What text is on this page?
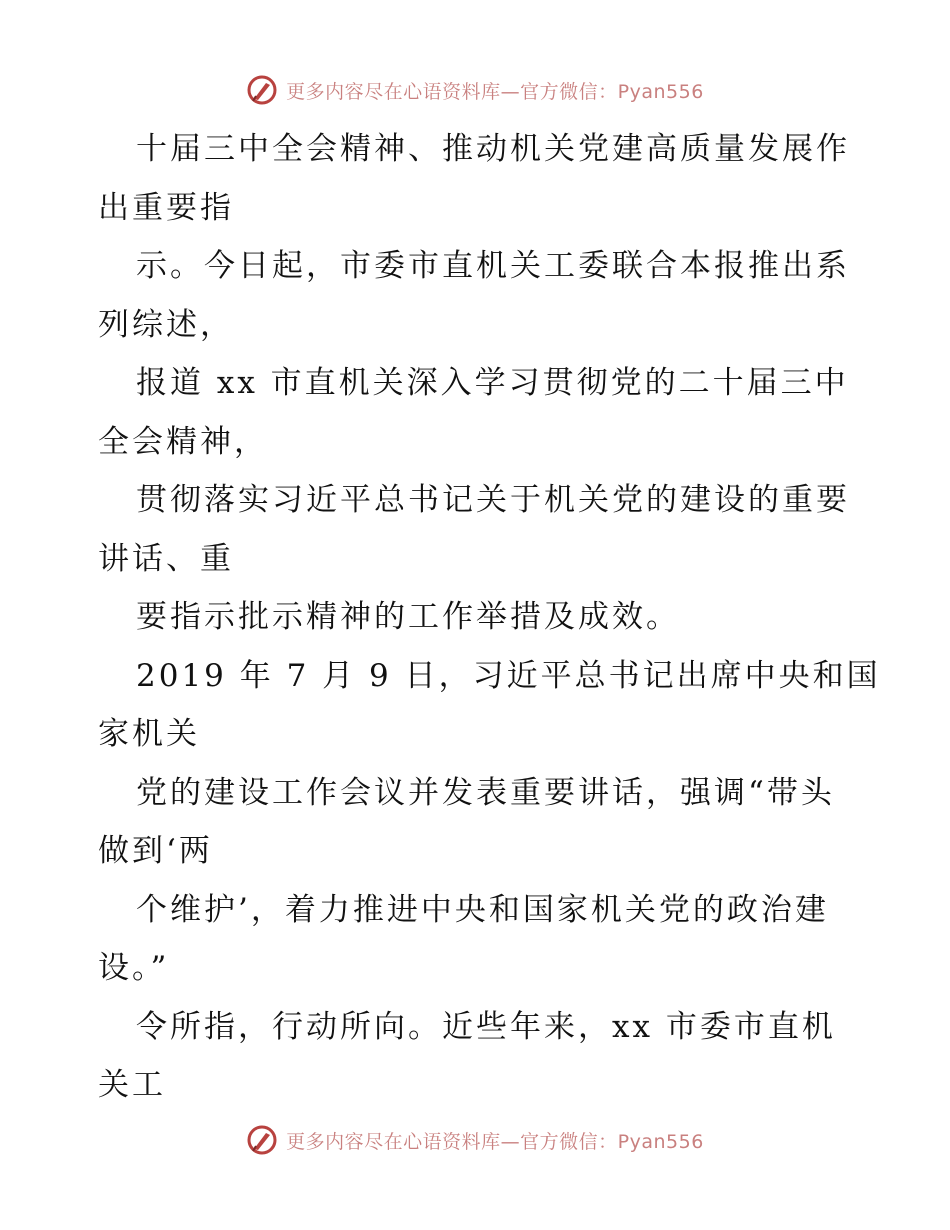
更多内容尽在心语资料库—官方微信：Pyan556
十届三中全会精神、推动机关党建高质量发展作
出重要指
示。今日起，市委市直机关工委联合本报推出系
列综述，
报道 xx 市直机关深入学习贯彻党的二十届三中
全会精神，
贯彻落实习近平总书记关于机关党的建设的重要
讲话、重
要指示批示精神的工作举措及成效。
2019 年 7 月 9 日，习近平总书记出席中央和国
家机关
党的建设工作会议并发表重要讲话，强调“带头
做到‘两
个维护’，着力推进中央和国家机关党的政治建
设。”
令所指，行动所向。近些年来，xx 市委市直机
关工
更多内容尽在心语资料库—官方微信：Pyan556
